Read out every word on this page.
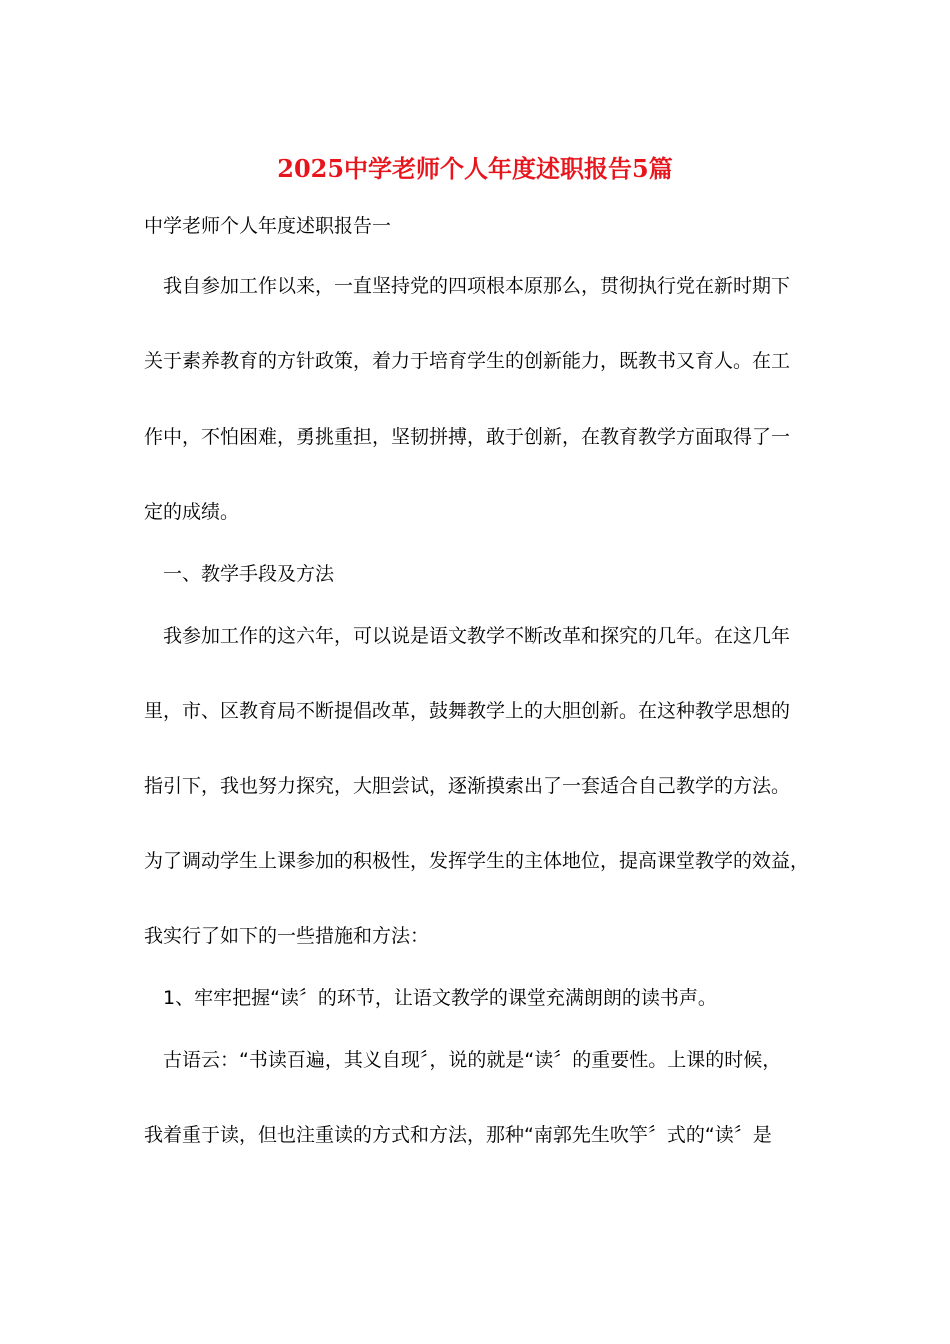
2025中学老师个人年度述职报告5篇
中学老师个人年度述职报告一
我自参加工作以来，一直坚持党的四项根本原那么，贯彻执行党在新时期下
关于素养教育的方针政策，着力于培育学生的创新能力，既教书又育人。在工
作中，不怕困难，勇挑重担，坚韧拼搏，敢于创新，在教育教学方面取得了一
定的成绩。
一、教学手段及方法
我参加工作的这六年，可以说是语文教学不断改革和探究的几年。在这几年
里，市、区教育局不断提倡改革，鼓舞教学上的大胆创新。在这种教学思想的
指引下，我也努力探究，大胆尝试，逐渐摸索出了一套适合自己教学的方法。
为了调动学生上课参加的积极性，发挥学生的主体地位，提高课堂教学的效益，
我实行了如下的一些措施和方法：
1、牢牢把握“读〞的环节，让语文教学的课堂充满朗朗的读书声。
古语云：“书读百遍，其义自现〞，说的就是“读〞的重要性。上课的时候，
我着重于读，但也注重读的方式和方法，那种“南郭先生吹竽〞式的“读〞是
